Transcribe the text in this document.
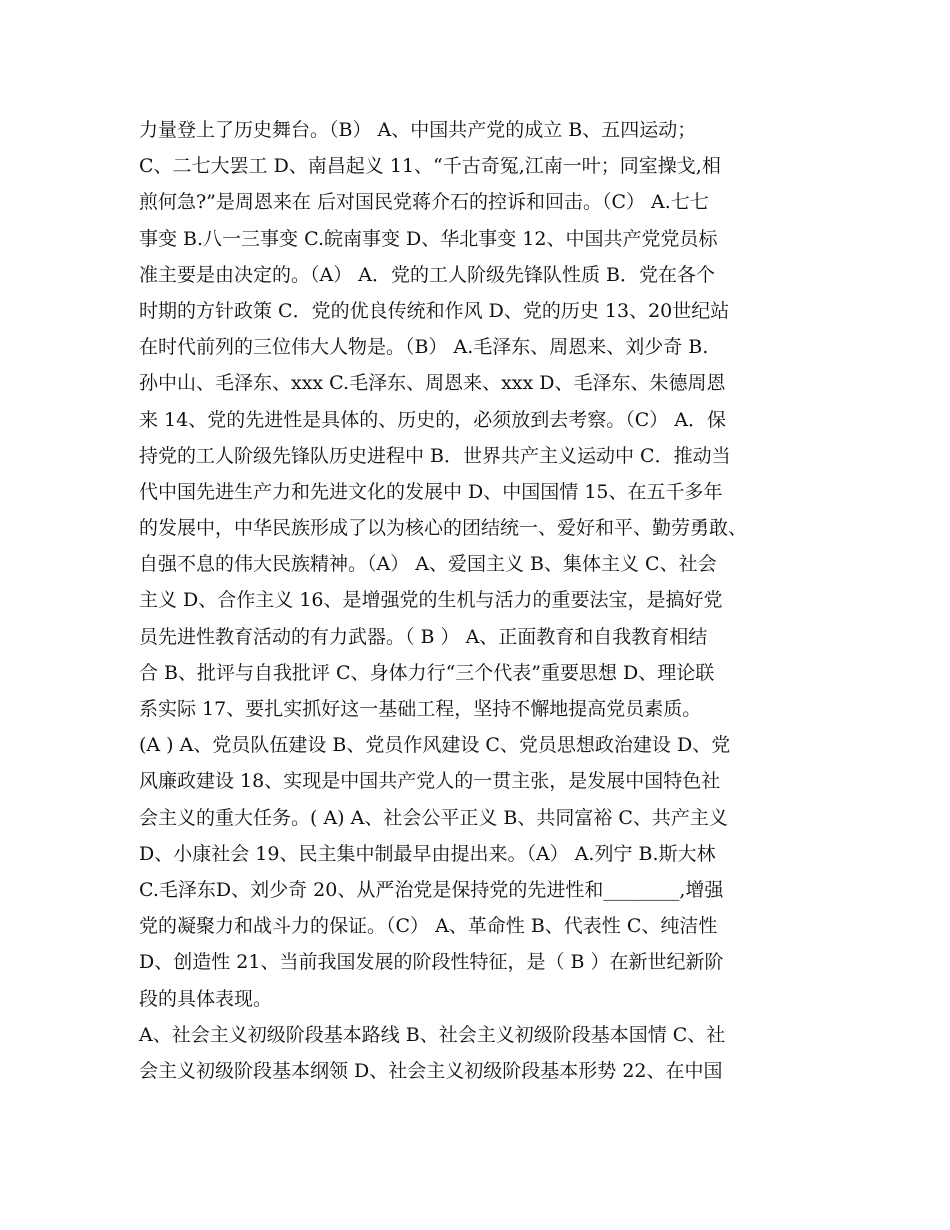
力量登上了历史舞台。（B） A、中国共产党的成立 B、五四运动；
C、二七大罢工 D、南昌起义 11、“千古奇冤,江南一叶；同室操戈,相
煎何急?”是周恩来在 后对国民党蒋介石的控诉和回击。（C） A.七七
事变 B.八一三事变 C.皖南事变 D、华北事变 12、中国共产党党员标
准主要是由决定的。（A） A．党的工人阶级先锋队性质 B．党在各个
时期的方针政策 C．党的优良传统和作风 D、党的历史 13、20世纪站
在时代前列的三位伟大人物是。（B） A.毛泽东、周恩来、刘少奇 B.
孙中山、毛泽东、xxx C.毛泽东、周恩来、xxx D、毛泽东、朱德周恩
来 14、党的先进性是具体的、历史的，必须放到去考察。（C） A．保
持党的工人阶级先锋队历史进程中 B．世界共产主义运动中 C．推动当
代中国先进生产力和先进文化的发展中 D、中国国情 15、在五千多年
的发展中，中华民族形成了以为核心的团结统一、爱好和平、勤劳勇敢、
自强不息的伟大民族精神。（A） A、爱国主义 B、集体主义 C、社会
主义 D、合作主义 16、是增强党的生机与活力的重要法宝，是搞好党
员先进性教育活动的有力武器。（ B ） A、正面教育和自我教育相结
合 B、批评与自我批评 C、身体力行“三个代表”重要思想 D、理论联
系实际 17、要扎实抓好这一基础工程，坚持不懈地提高党员素质。
(A ) A、党员队伍建设 B、党员作风建设 C、党员思想政治建设 D、党
风廉政建设 18、实现是中国共产党人的一贯主张，是发展中国特色社
会主义的重大任务。( A) A、社会公平正义 B、共同富裕 C、共产主义
D、小康社会 19、民主集中制最早由提出来。（A） A.列宁 B.斯大林
C.毛泽东D、刘少奇 20、从严治党是保持党的先进性和________,增强
党的凝聚力和战斗力的保证。（C） A、革命性 B、代表性 C、纯洁性
D、创造性 21、当前我国发展的阶段性特征，是（ B ）在新世纪新阶
段的具体表现。
A、社会主义初级阶段基本路线 B、社会主义初级阶段基本国情 C、社
会主义初级阶段基本纲领 D、社会主义初级阶段基本形势 22、在中国
